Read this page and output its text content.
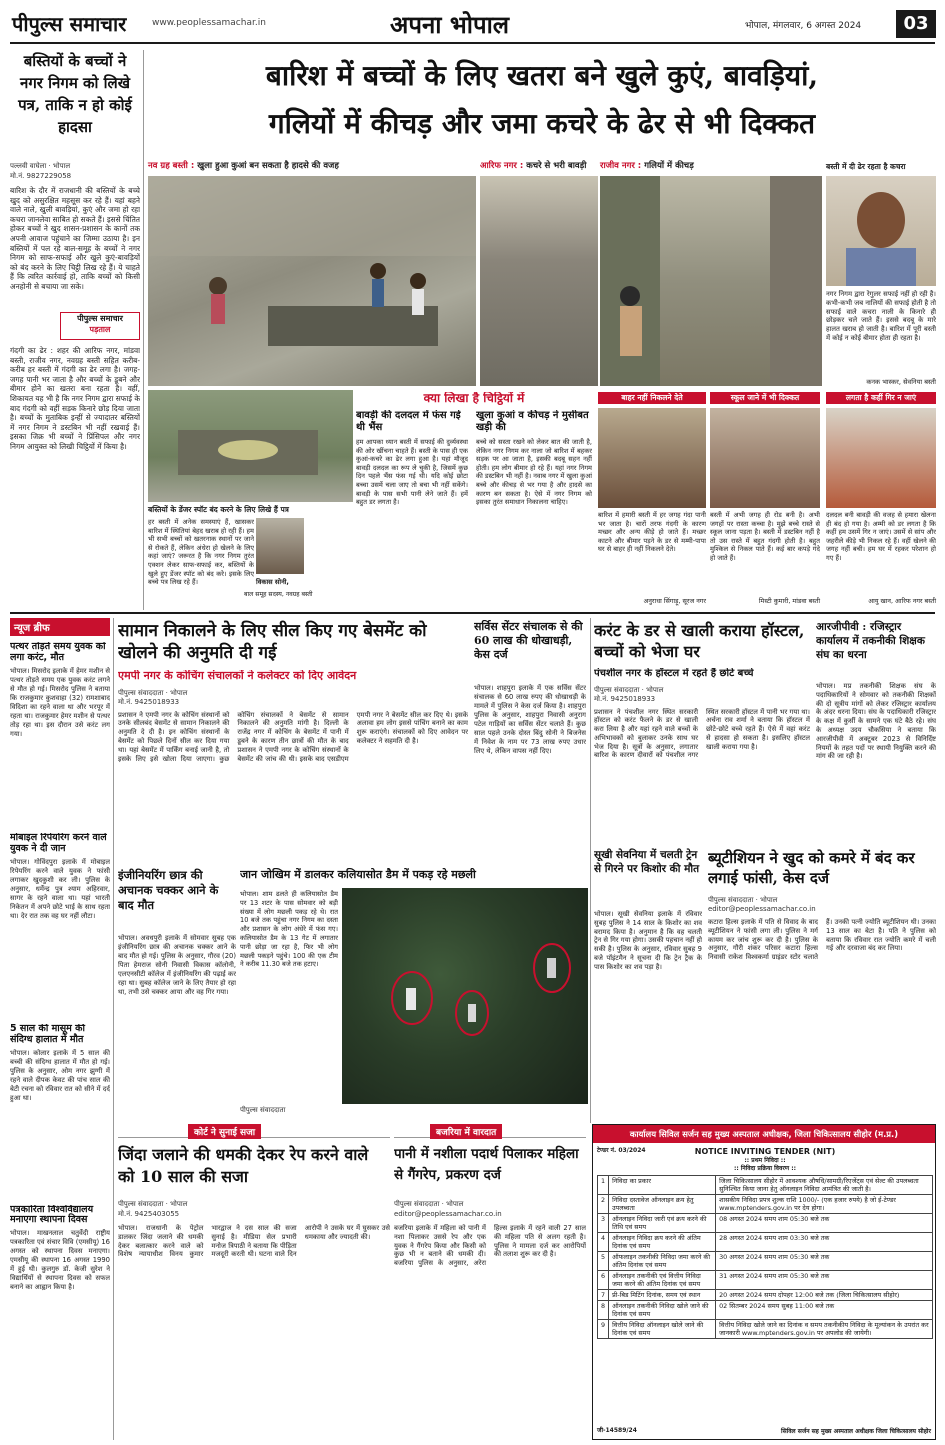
पीपुल्स समाचार	www.peoplessamachar.in	अपना भोपाल	भोपाल, मंगलवार, 6 अगस्त 2024	03
बस्तियों के बच्चों ने नगर निगम को लिखे पत्र, ताकि न हो कोई हादसा
पल्लवी वाघेला · भोपाल
मो.नं. 9827229058
बारिश के दौर में राजधानी की बस्तियों के बच्चे खुद को असुरक्षित महसूस कर रहे हैं। यहां बहने वाले नाले, खुली बावड़ियां, कुएं और जमा हो रहा कचरा जानलेवा साबित हो सकते हैं। इससे चिंतित होकर बच्चों ने खुद शासन-प्रशासन के कानों तक अपनी आवाज पहुंचाने का जिम्मा उठाया है। इन बस्तियों में पल रहे बाल-समूह के बच्चों ने नगर निगम को साफ-सफाई और खुले कुएं-बावड़ियों को बंद करने के लिए चिट्ठी लिख रहे हैं। ये चाहते हैं कि त्वरित कार्रवाई हो, ताकि बच्चों को किसी अनहोनी से बचाया जा सके।
पीपुल्स समाचार
पड़ताल
गंदगी का ढेर : शहर की आरिफ नगर, मांडवा बस्ती, राजीव नगर, नवग्रह बस्ती सहित करीब-करीब हर बस्ती में गंदगी का ढेर लगा है। जगह-जगह पानी भर जाता है और बच्चों के डूबने और बीमार होने का खतरा बना रहता है। वहीं, शिकायत यह भी है कि नगर निगम द्वारा सफाई के बाद गंदगी को वहीं सड़क किनारे छोड़ दिया जाता है। बच्चों के मुताबिक इन्हीं से ज्यादातर बस्तियों में नगर निगम ने डस्टबिन भी नहीं रखवाई हैं। इसका जिक्र भी बच्चों ने प्रिंसिपल और नगर निगम आयुक्त को लिखी चिट्ठियों में किया है।
बारिश में बच्चों के लिए खतरा बने खुले कुएं, बावड़ियां,
गलियों में कीचड़ और जमा कचरे के ढेर से भी दिक्कत
नव ग्रह बस्ती : खुला हुआ कुआं बन सकता है हादसे की वजह	आरिफ नगर : कचरे से भरी बावड़ी राजीव नगर : गलियों में कीचड़	बस्ती में दी ढेर रहता है कचरा
नगर निगम द्वारा रेगुलर सफाई नहीं हो रही है। कभी-कभी जब नालियों की सफाई होती है तो सफाई वाले कचरा नाली के किनारे ही छोड़कर चले जाते हैं। इससे बदबू के मारे हालत खराब हो जाती है। बारिश में पूरी बस्ती में कोई न कोई बीमार होता ही रहता है।
कनक भास्कर, सेवनिया बस्ती
बस्तियों के डेंजर स्पॉट बंद करने के लिए लिखे हैं पत्र
हर बस्ती में अनेक समस्याएं हैं, खासकर बारिश में स्थितियां बेहद खराब हो रही हैं। हम भी सभी बच्चों को खतरनाक स्थानों पर जाने से रोकते हैं, लेकिन अंधेरा हो खेलने के लिए कहां जाएं? जरूरत है कि नगर निगम तुरंत एक्शन लेकर साफ-सफाई कर, बस्तियों के खुले हुए डेंजर स्पॉट को बंद करे। इसके लिए बच्चे पत्र लिख रहे हैं।	विकास सोनी,
बाल समूह सदस्य, नवग्रह बस्ती
क्या लिखा है चिट्ठियों में
बावड़ी की दलदल में फंस गई थी भैंस
हम आपका ध्यान बस्ती में सफाई की दुर्व्यवस्था की ओर खींचना चाहते हैं। बस्ती के पास ही एक कुआं-कचरे का ढेर लगा हुआ है। यहां मौजूद बावड़ी दलदल का रूप ले चुकी है, जिसमें कुछ दिन पहले भैंस फंस गई थी। यदि कोई छोटा बच्चा उसमें चला जाए तो बचा भी नहीं सकेंगे। बावड़ी के पास सभी पानी लेने जाते हैं। हमें बहुत डर लगता है।
खुला कुआं व कीचड़ ने मुसीबत खड़ी की
बच्चे को सस्ता रखने को लेकर बात की जाती है, लेकिन नगर निगम कर नाला जो बारिश में बहकर सड़क पर आ जाता है, इसकी बदबू सहन नहीं होती। हम लोग बीमार हो रहे हैं। यहां नगर निगम की डस्टबिन भी नहीं है। नवाब नगर में खुला कुआं बच्चे और कीचड़ से भर गया है और हादसे का कारण बन सकता है। ऐसे में नगर निगम को इसका तुरंत समाधान निकालना चाहिए।
बाहर नहीं निकलने देते
बारिश में हमारी बस्ती में हर जगह गंदा पानी भर जाता है। चारों तरफ गंदगी के कारण मच्छर और अन्य कीड़े हो जाते हैं। मच्छर काटने और बीमार पड़ने के डर से मम्मी-पापा घर से बाहर ही नहीं निकलने देते।
अनुराधा सिंगाड़ू, सूरज नगर
स्कूल जाने में भी दिक्कत
बस्ती में अभी जगह ही रोड बनी है। अभी जगहों पर रास्ता कच्चा है। मुझे बच्चे रास्ते से स्कूल जाना पड़ता है। बस्ती में डस्टबिन नहीं है तो उस रास्ते में बहुत गंदगी होती है। बहुत मुश्किल से निकल पाते हैं। कई बार कपड़े गंदे हो जाते हैं।
मिस्टी कुमारी, मांडवा बस्ती
लगता है कहीं गिर न जाएं
दलदल बनी बावड़ी की वजह से हमारा खेलना ही बंद हो गया है। अम्मी को डर लगता है कि कहीं हम उसमें गिर न जाएं। उसमें से सांप और जहरीले कीड़े भी निकल रहे हैं। वहीं खेलने की जगह नहीं बची। हम घर में रहकर परेशान हो गए हैं।
आयु खान, आरिफ नगर बस्ती
न्यूज ब्रीफ
पत्थर तोड़ते समय युवक को लगा करंट, मौत
भोपाल। मिसरोद इलाके में हेमर मशीन से पत्थर तोड़ते समय एक युवक करंट लगने से मौत हो गई। मिसरोद पुलिस ने बताया कि राजकुमार कुशवाहा (32) रामशाबाद विदिशा का रहने वाला था और भरपूर में रहता था। राजकुमार हेमर मशीन से पत्थर तोड़ रहा था। इस दौरान उसे करंट लग गया।
मोबाइल रिपेयरिंग करने वाले युवक ने दी जान
भोपाल। गोविंदपुरा इलाके में मोबाइल रिपेयरिंग करने वाले युवक ने फांसी लगाकर खुदकुशी कर ली। पुलिस के अनुसार, धर्मेन्द्र पुत्र श्याम अहिरवार, सागर के रहने वाला था। यहां भारती निकेतन में अपने छोटे भाई के साथ रहता था। देर रात तक वह घर नहीं लौटा।
5 साल की मासूम की संदिग्ध हालात में मौत
भोपाल। कोलार इलाके में 5 साल की बच्ची की संदिग्ध हालात में मौत हो गई। पुलिस के अनुसार, ओम नगर झुग्गी में रहने वाले दीपक केवट की पांच साल की बेटी रचना को रविवार रात को सीने में दर्द हुआ था।
पत्रकारिता विश्वविद्यालय मनाएगा स्थापना दिवस
भोपाल। माखनलाल चतुर्वेदी राष्ट्रीय पत्रकारिता एवं संचार विवि (एमसीयू) 16 अगस्त को स्थापना दिवस मनाएगा। एमसीयू की स्थापना 16 अगस्त 1990 में हुई थी। कुलगुरु डॉ. केजी सुरेश ने विद्यार्थियों से स्थापना दिवस को सफल बनाने का आह्वान किया है।
सामान निकालने के लिए सील किए गए बेसमेंट को खोलने की अनुमति दी गई
एमपी नगर के कोचिंग संचालकों ने कलेक्टर को दिए आवेदन
पीपुल्स संवाददाता · भोपाल
मो.नं. 9425018933
प्रशासन ने एमपी नगर के कोचिंग संस्थानों को उनके सीलबंद बेसमेंट से सामान निकालने की अनुमति दे दी है। इन कोचिंग संस्थानों के बेसमेंट को पिछले दिनों सील कर दिया गया था। यहां बेसमेंट में पार्किंग बनाई जानी है, तो इसके लिए इसे खोला दिया जाएगा। कुछ कोचिंग संचालकों ने बेसमेंट से सामान निकालने की अनुमति मांगी है। दिल्ली के राजेंद्र नगर में कोचिंग के बेसमेंट में पानी में डूबने के कारण तीन छात्रों की मौत के बाद प्रशासन ने एमपी नगर के कोचिंग संस्थानों के बेसमेंट की जांच की थी। इसके बाद एसडीएम एमपी नगर ने बेसमेंट सील कर दिए थे। इसके अलावा हम लोग इससे पांचिंग बनाने का काम शुरू कराएंगे। संचालकों को दिए आवेदन पर कलेक्टर ने सहमति दी है।
इंजीनियरिंग छात्र की अचानक चक्कर आने के बाद मौत
भोपाल। अवधपुरी इलाके में सोमवार सुबह एक इंजीनियरिंग छात्र की अचानक चक्कर आने के बाद मौत हो गई। पुलिस के अनुसार, गौरव (20) पिता हेमराज सोनी निवासी विकास कॉलोनी, एलएनसीटी कॉलेज में इंजीनियरिंग की पढ़ाई कर रहा था। सुबह कॉलेज जाने के लिए तैयार हो रहा था, तभी उसे चक्कर आया और वह गिर गया।
जान जोखिम में डालकर कलियासोत डैम में पकड़ रहे मछली
भोपाल। शाम ढलते ही कलियासोत डैम पर 13 शटर के पास सोमवार को बड़ी संख्या में लोग मछली पकड़ रहे थे। रात 10 बजे तक पहुंचा नगर निगम का दस्ता और प्रशासन के लोग अंधेरे में फंस गए। कलियासोत डैम के 13 गेट में लगातार पानी छोड़ा जा रहा है, फिर भी लोग मछली पकड़ने पहुंचे। 100 की एक टीम ने करीब 11.30 बजे तक हटाए।
पीपुल्स संवाददाता
सर्विस सेंटर संचालक से की 60 लाख की धोखाधड़ी, केस दर्ज
भोपाल। शाहपुरा इलाके में एक सर्विस सेंटर संचालक से 60 लाख रुपए की धोखाधड़ी के मामले में पुलिस ने केस दर्ज किया है। शाहपुरा पुलिस के अनुसार, शाहपुरा निवासी अनुराग पटेल गाड़ियों का सर्विस सेंटर चलाते हैं। कुछ साल पहले उनके दोस्त बिंदु सोनी ने बिजनेस में निवेश के नाम पर 73 लाख रुपए उधार लिए थे, लेकिन वापस नहीं दिए।
करंट के डर से खाली कराया हॉस्टल, बच्चों को भेजा घर
पंचशील नगर के हॉस्टल में रहते हैं छोटे बच्चे
पीपुल्स संवाददाता · भोपाल
मो.नं. 9425018933
प्रशासन ने पंचशील नगर स्थित सरकारी हॉस्टल को करंट फैलने के डर से खाली करा लिया है और यहां रहने वाले बच्चों के अभिभावकों को बुलाकर उनके साथ घर भेज दिया है। सूत्रों के अनुसार, लगातार बारिश के कारण दीवारों को पंचशील नगर स्थित सरकारी हॉस्टल में पानी भर गया था। अर्चना राव शर्मा ने बताया कि हॉस्टल में छोटे-छोटे बच्चे रहते हैं। ऐसे में वहां करंट से हादसा हो सकता है। इसलिए हॉस्टल खाली कराया गया है।
आरजीपीवी : रजिस्ट्रार कार्यालय में तकनीकी शिक्षक संघ का धरना
भोपाल। मप्र तकनीकी शिक्षक संघ के पदाधिकारियों ने सोमवार को तकनीकी शिक्षकों की दो सूत्रीय मांगों को लेकर रजिस्ट्रार कार्यालय के अंदर धरना दिया। संघ के पदाधिकारी रजिस्ट्रार के कक्ष में कुर्सी के सामने एक घंटे बैठे रहे। संघ के अध्यक्ष उदय चौकसिया ने बताया कि आरजीपीवी में अक्टूबर 2023 से विनिर्दिष्ट नियमों के तहत पदों पर स्थायी नियुक्ति करने की मांग की जा रही है।
सूखी सेवनिया में चलती ट्रेन से गिरने पर किशोर की मौत
भोपाल। सूखी सेवनिया इलाके में रविवार सुबह पुलिस ने 14 साल के किशोर का शव बरामद किया है। अनुमान है कि वह चलती ट्रेन से गिर गया होगा। उसकी पहचान नहीं हो सकी है। पुलिस के अनुसार, रविवार सुबह 9 बजे पॉइंटमैन ने सूचना दी कि ट्रेन ट्रैक के पास किशोर का शव पड़ा है।
ब्यूटीशियन ने खुद को कमरे में बंद कर लगाई फांसी, केस दर्ज
पीपुल्स संवाददाता · भोपाल
editor@peoplessamachar.co.in
कटारा हिल्स इलाके में पति से विवाद के बाद ब्यूटीशियन ने फांसी लगा ली। पुलिस ने मर्ग कायम कर जांच शुरू कर दी है। पुलिस के अनुसार, गौरी शंकर परिसर कटारा हिल्स निवासी राकेश विश्वकर्मा ग्राइंडर स्टोर चलाते हैं। उनकी पत्नी ज्योति ब्यूटीशियन थी। उनका 13 साल का बेटा है। पति ने पुलिस को बताया कि रविवार रात ज्योति कमरे में चली गई और दरवाजा बंद कर लिया।
कोर्ट ने सुनाई सजा
जिंदा जलाने की धमकी देकर रेप करने वाले को 10 साल की सजा
पीपुल्स संवाददाता · भोपाल
मो.नं. 9425403055
भोपाल। राजधानी के पेट्रोल डालकर जिंदा जलाने की धमकी देकर बलात्कार करने वाले को विशेष न्यायाधीश विनय कुमार भारद्वाज ने दस साल की सजा सुनाई है। मीडिया सेल प्रभारी मनोज त्रिपाठी ने बताया कि पीड़िता मजदूरी करती थी। घटना वाले दिन आरोपी ने उसके घर में घुसकर उसे धमकाया और ज्यादती की।
बजरिया में वारदात
पानी में नशीला पदार्थ पिलाकर महिला से गैंगरेप, प्रकरण दर्ज
पीपुल्स संवाददाता · भोपाल
editor@peoplessamachar.co.in
बजरिया इलाके में महिला को पानी में नशा पिलाकर उससे रेप और एक युवक ने गैंगरेप किया और किसी को कुछ भी न बताने की धमकी दी। बजरिया पुलिस के अनुसार, अरेरा हिल्स इलाके में रहने वाली 27 साल की महिला पति से अलग रहती है। पुलिस ने मामला दर्ज कर आरोपियों की तलाश शुरू कर दी है।
कार्यालय सिविल सर्जन सह मुख्य अस्पताल अधीक्षक, जिला चिकित्सालय सीहोर (म.प्र.)
टेण्डर नं. 03/2024	NOTICE INVITING TENDER (NIT)
:: प्रथम निविदा ::
:: निविदा प्रक्रिया विवरण ::
1	निविदा का प्रकार	जिला चिकित्सालय सीहोर में आवश्यक औषधि/सामग्री/रिएजेंट्स एवं सेल्ट की उपलब्धता सुनिश्चित किया जाना हेतु ऑनलाइन निविदा आमंत्रित की जाती है।
2	निविदा दस्तावेज ऑनलाइन क्रय हेतु उपलब्धता	शासकीय निविदा प्रपत्र शुल्क राशि 1000/- (एक हजार रुपये) है जो ई-टेण्डर www.mptenders.gov.in पर देय होगा।
3	ऑनलाइन निविदा जारी एवं क्रय करने की तिथि एवं समय	08 अगस्त 2024 समय शाम 05:30 बजे तक
4	ऑनलाइन निविदा क्रय करने की अंतिम दिनांक एवं समय	28 अगस्त 2024 समय शाम 03:30 बजे तक
5	ऑफलाइन तकनीकी निविदा जमा करने की अंतिम दिनांक एवं समय	30 अगस्त 2024 समय शाम 05:30 बजे तक
6	ऑनलाइन तकनीकी एवं वित्तीय निविदा जमा करने की अंतिम दिनांक एवं समय	31 अगस्त 2024 समय शाम 05:30 बजे तक
7	प्री-बिड मिटिंग दिनांक, समय एवं स्थान	20 अगस्त 2024 समय दोपहर 12:00 बजे तक (जिला चिकित्सालय सीहोर)
8	ऑनलाइन तकनीकी निविदा खोले जाने की दिनांक एवं समय	02 सितम्बर 2024 समय सुबह 11:00 बजे तक
9	वित्तीय निविदा ऑनलाइन खोले जाने की दिनांक एवं समय	वित्तीय निविदा खोले जाने का दिनांक व समय तकनीकीय निविदा के मूल्यांकन के उपरांत कर जानकारी www.mptenders.gov.in पर अपलोड की जायेगी।
जी-14589/24	सिविल सर्जन सह मुख्य अस्पताल अधीक्षक जिला चिकित्सालय सीहोर
